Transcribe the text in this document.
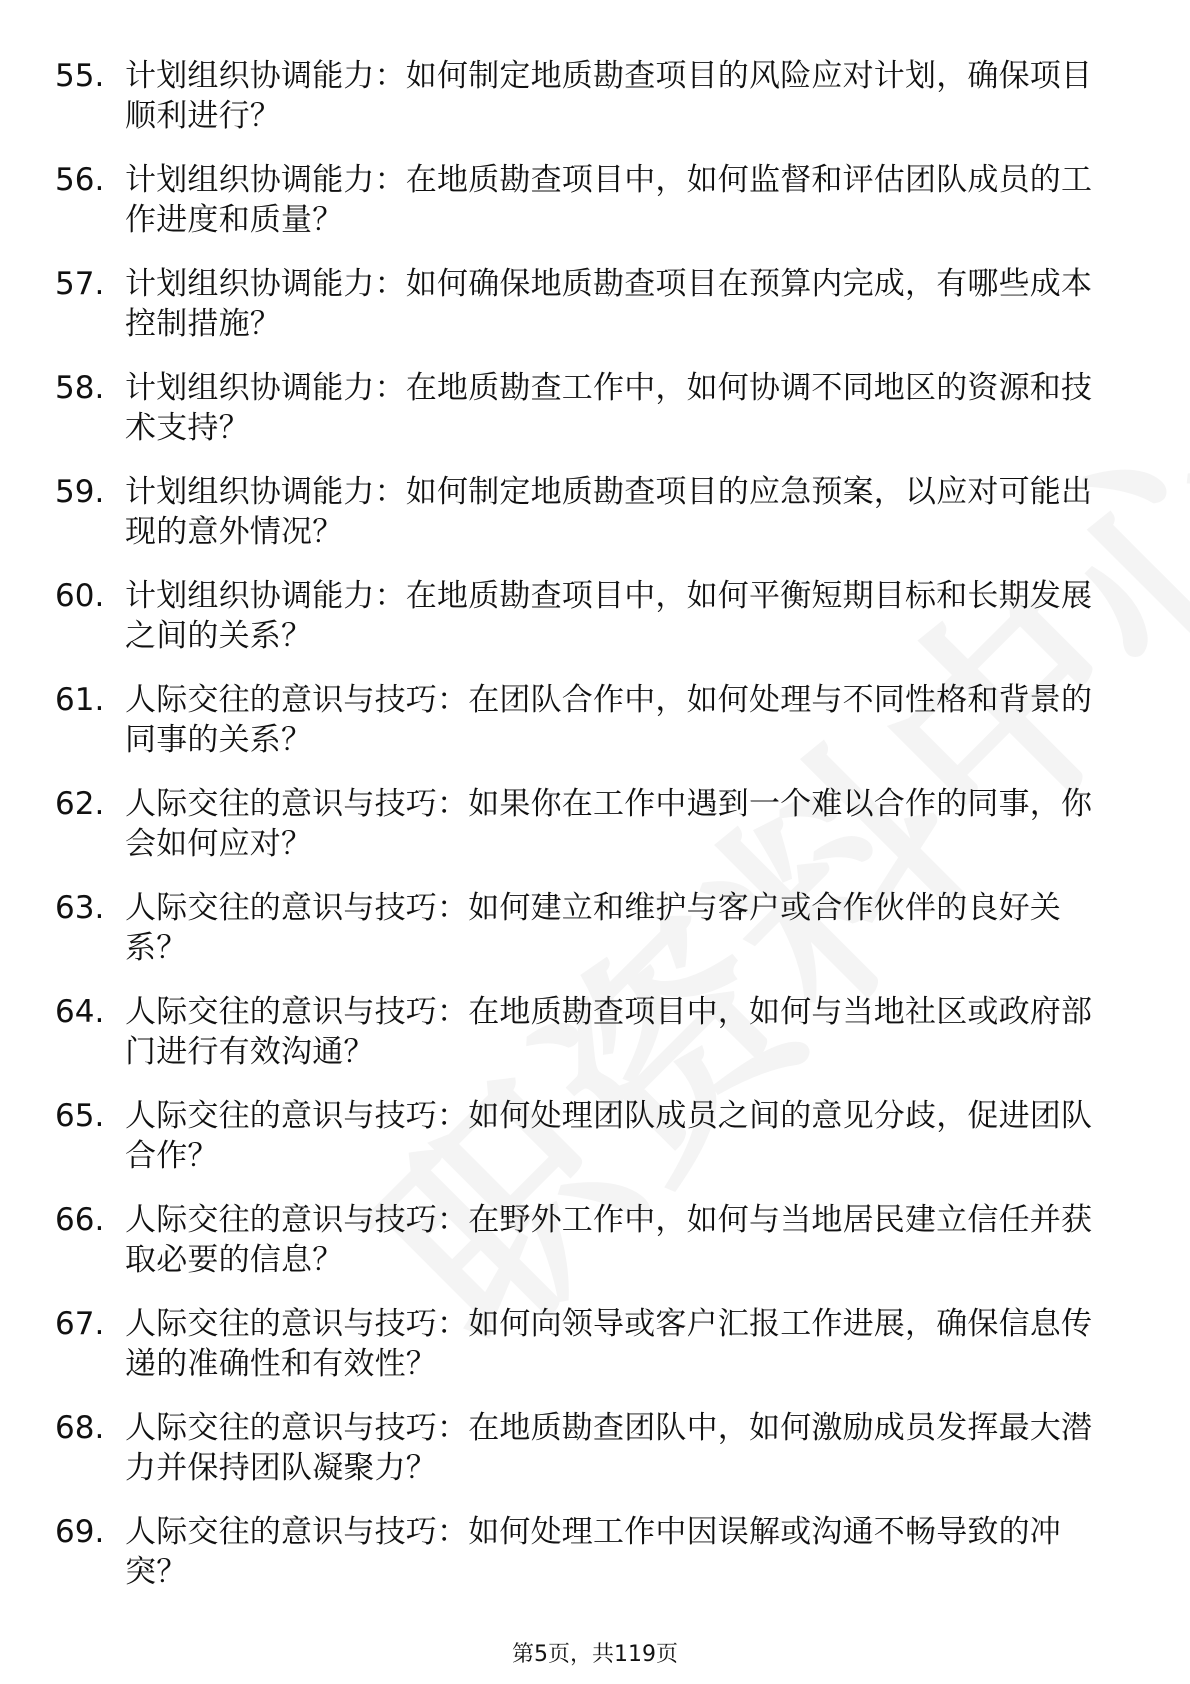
55. 计划组织协调能力：如何制定地质勘查项目的风险应对计划，确保项目顺利进行？
56. 计划组织协调能力：在地质勘查项目中，如何监督和评估团队成员的工作进度和质量？
57. 计划组织协调能力：如何确保地质勘查项目在预算内完成，有哪些成本控制措施？
58. 计划组织协调能力：在地质勘查工作中，如何协调不同地区的资源和技术支持？
59. 计划组织协调能力：如何制定地质勘查项目的应急预案，以应对可能出现的意外情况？
60. 计划组织协调能力：在地质勘查项目中，如何平衡短期目标和长期发展之间的关系？
61. 人际交往的意识与技巧：在团队合作中，如何处理与不同性格和背景的同事的关系？
62. 人际交往的意识与技巧：如果你在工作中遇到一个难以合作的同事，你会如何应对？
63. 人际交往的意识与技巧：如何建立和维护与客户或合作伙伴的良好关系？
64. 人际交往的意识与技巧：在地质勘查项目中，如何与当地社区或政府部门进行有效沟通？
65. 人际交往的意识与技巧：如何处理团队成员之间的意见分歧，促进团队合作？
66. 人际交往的意识与技巧：在野外工作中，如何与当地居民建立信任并获取必要的信息？
67. 人际交往的意识与技巧：如何向领导或客户汇报工作进展，确保信息传递的准确性和有效性？
68. 人际交往的意识与技巧：在地质勘查团队中，如何激励成员发挥最大潜力并保持团队凝聚力？
69. 人际交往的意识与技巧：如何处理工作中因误解或沟通不畅导致的冲突？
第5页，共119页
